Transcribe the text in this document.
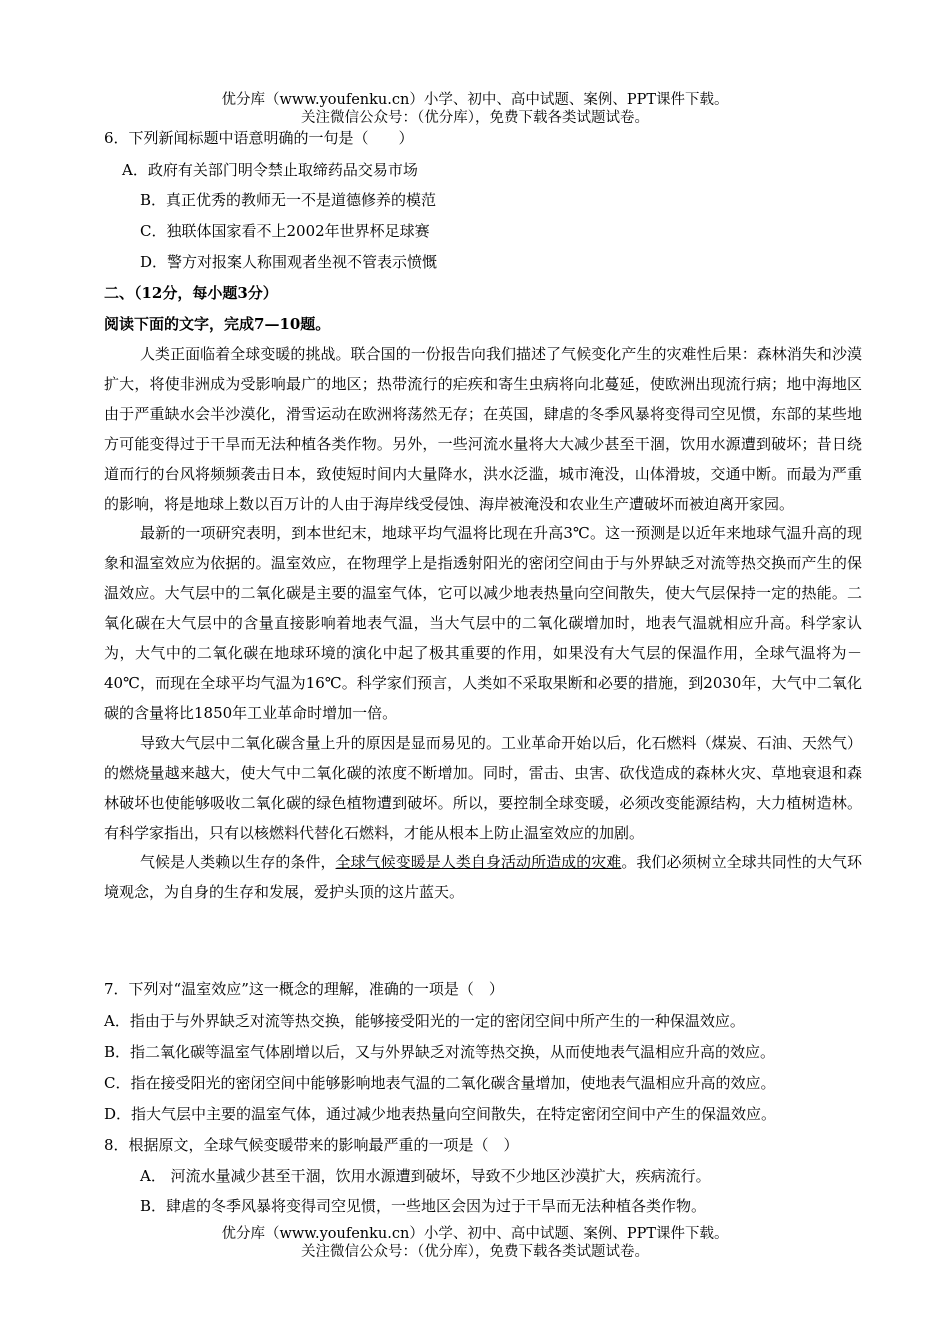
优分库（www.youfenku.cn）小学、初中、高中试题、案例、PPT课件下载。
关注微信公众号：（优分库），免费下载各类试题试卷。
6．下列新闻标题中语意明确的一句是（　　）
A．政府有关部门明令禁止取缔药品交易市场
B．真正优秀的教师无一不是道德修养的模范
C．独联体国家看不上2002年世界杯足球赛
D．警方对报案人称围观者坐视不管表示愤慨
二、（12分，每小题3分）
阅读下面的文字，完成7—10题。

人类正面临着全球变暖的挑战。联合国的一份报告向我们描述了气候变化产生的灾难性后果：森林消失和沙漠扩大，将使非洲成为受影响最广的地区；热带流行的疟疾和寄生虫病将向北蔓延，使欧洲出现流行病；地中海地区由于严重缺水会半沙漠化，滑雪运动在欧洲将荡然无存；在英国，肆虐的冬季风暴将变得司空见惯，东部的某些地方可能变得过于干旱而无法种植各类作物。另外，一些河流水量将大大减少甚至干涸，饮用水源遭到破坏；昔日绕道而行的台风将频频袭击日本，致使短时间内大量降水，洪水泛滥，城市淹没，山体滑坡，交通中断。而最为严重的影响，将是地球上数以百万计的人由于海岸线受侵蚀、海岸被淹没和农业生产遭破坏而被迫离开家园。

最新的一项研究表明，到本世纪末，地球平均气温将比现在升高3℃。这一预测是以近年来地球气温升高的现象和温室效应为依据的。温室效应，在物理学上是指透射阳光的密闭空间由于与外界缺乏对流等热交换而产生的保温效应。大气层中的二氧化碳是主要的温室气体，它可以减少地表热量向空间散失，使大气层保持一定的热能。二氧化碳在大气层中的含量直接影响着地表气温，当大气层中的二氧化碳增加时，地表气温就相应升高。科学家认为，大气中的二氧化碳在地球环境的演化中起了极其重要的作用，如果没有大气层的保温作用，全球气温将为－40℃，而现在全球平均气温为16℃。科学家们预言，人类如不采取果断和必要的措施，到2030年，大气中二氧化碳的含量将比1850年工业革命时增加一倍。

导致大气层中二氧化碳含量上升的原因是显而易见的。工业革命开始以后，化石燃料（煤炭、石油、天然气）的燃烧量越来越大，使大气中二氧化碳的浓度不断增加。同时，雷击、虫害、砍伐造成的森林火灾、草地衰退和森林破坏也使能够吸收二氧化碳的绿色植物遭到破坏。所以，要控制全球变暖，必须改变能源结构，大力植树造林。有科学家指出，只有以核燃料代替化石燃料，才能从根本上防止温室效应的加剧。

气候是人类赖以生存的条件，全球气候变暖是人类自身活动所造成的灾难。我们必须树立全球共同性的大气环境观念，为自身的生存和发展，爱护头顶的这片蓝天。

7．下列对“温室效应”这一概念的理解，准确的一项是（　）
A．指由于与外界缺乏对流等热交换，能够接受阳光的一定的密闭空间中所产生的一种保温效应。
B．指二氧化碳等温室气体剧增以后，又与外界缺乏对流等热交换，从而使地表气温相应升高的效应。
C．指在接受阳光的密闭空间中能够影响地表气温的二氧化碳含量增加，使地表气温相应升高的效应。
D．指大气层中主要的温室气体，通过减少地表热量向空间散失，在特定密闭空间中产生的保温效应。
8．根据原文，全球气候变暖带来的影响最严重的一项是（　）
A． 河流水量减少甚至干涸，饮用水源遭到破坏，导致不少地区沙漠扩大，疾病流行。
B．肆虐的冬季风暴将变得司空见惯，一些地区会因为过于干旱而无法种植各类作物。
优分库（www.youfenku.cn）小学、初中、高中试题、案例、PPT课件下载。
关注微信公众号：（优分库），免费下载各类试题试卷。
